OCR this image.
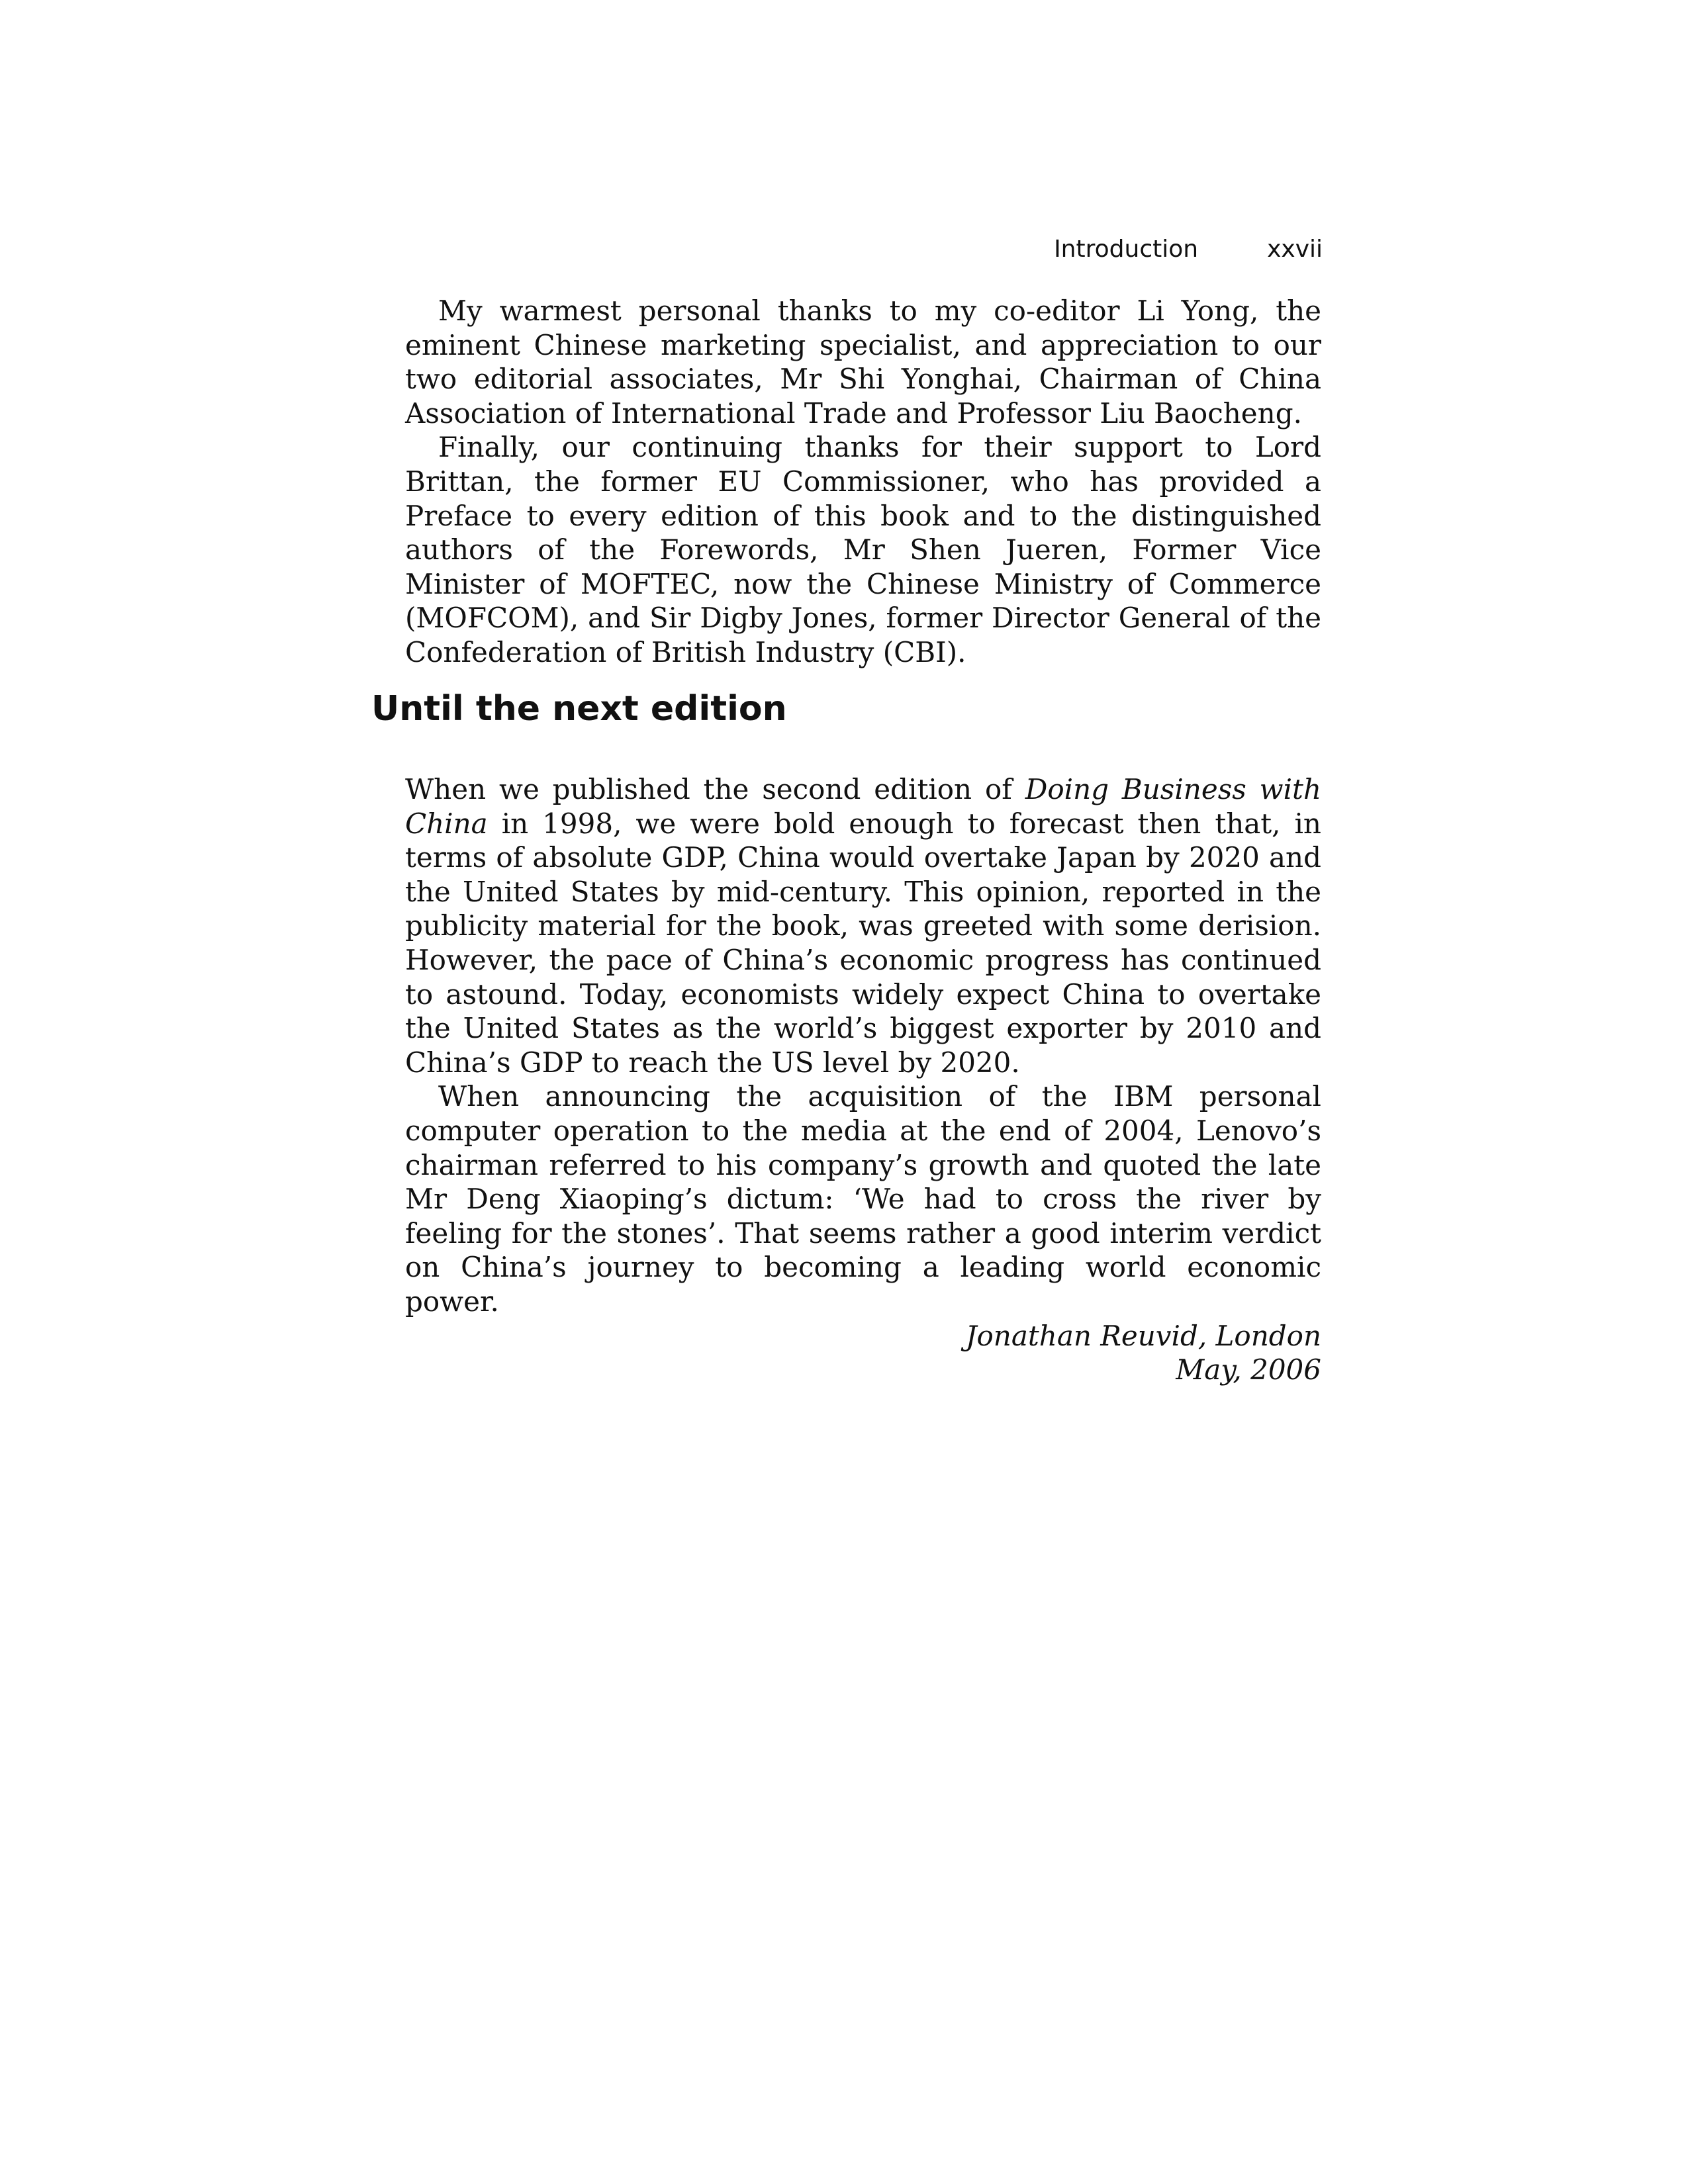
Introduction	xxvii

My warmest personal thanks to my co-editor Li Yong, the eminent Chinese marketing specialist, and appreciation to our two editorial associates, Mr Shi Yonghai, Chairman of China Association of International Trade and Professor Liu Baocheng.

Finally, our continuing thanks for their support to Lord Brittan, the former EU Commissioner, who has provided a Preface to every edition of this book and to the distinguished authors of the Forewords, Mr Shen Jueren, Former Vice Minister of MOFTEC, now the Chinese Ministry of Commerce (MOFCOM), and Sir Digby Jones, former Director General of the Confederation of British Industry (CBI).

Until the next edition

When we published the second edition of Doing Business with China in 1998, we were bold enough to forecast then that, in terms of absolute GDP, China would overtake Japan by 2020 and the United States by mid-century. This opinion, reported in the publicity material for the book, was greeted with some derision. However, the pace of China’s economic progress has continued to astound. Today, economists widely expect China to overtake the United States as the world’s biggest exporter by 2010 and China’s GDP to reach the US level by 2020.

When announcing the acquisition of the IBM personal computer operation to the media at the end of 2004, Lenovo’s chairman referred to his company’s growth and quoted the late Mr Deng Xiaoping’s dictum: ‘We had to cross the river by feeling for the stones’. That seems rather a good interim verdict on China’s journey to becoming a leading world economic power.

Jonathan Reuvid, London
May, 2006
